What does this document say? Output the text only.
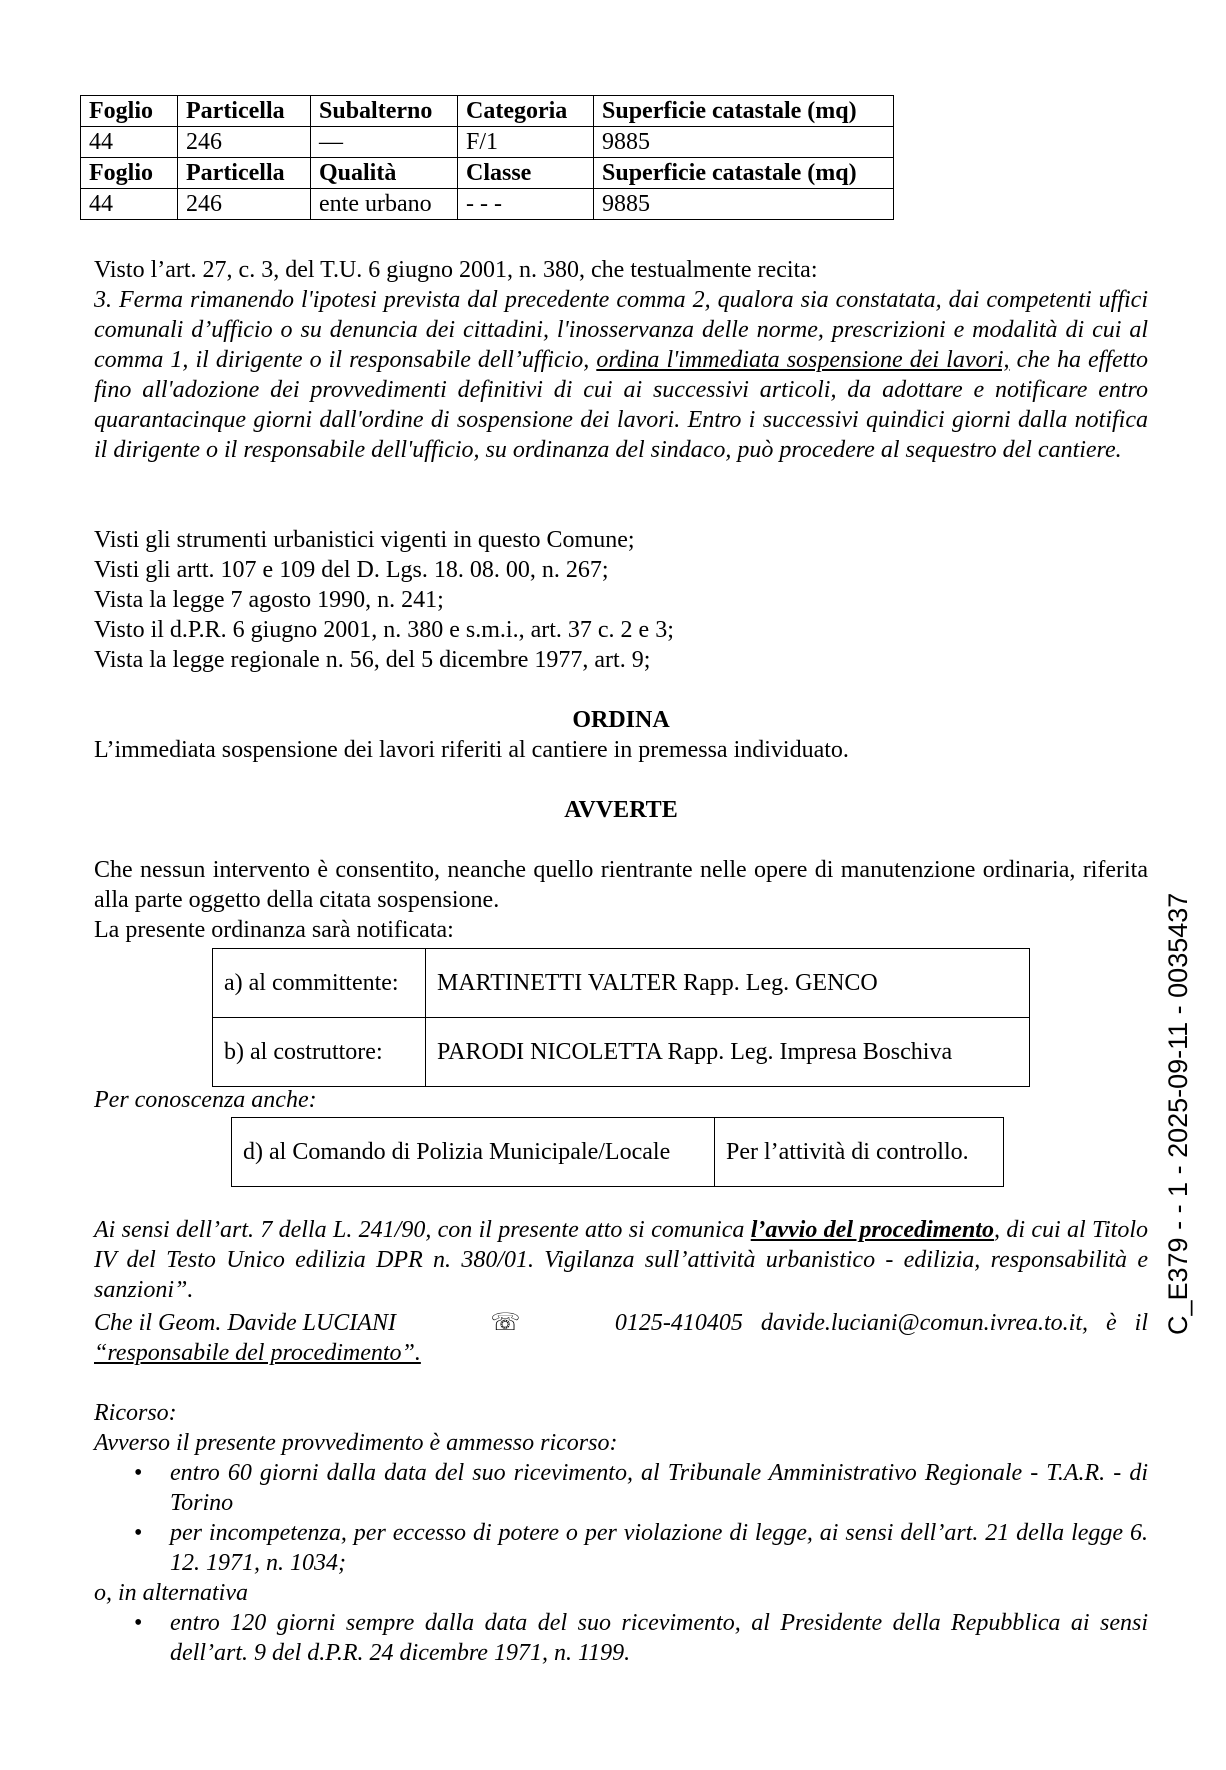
Foglio	Particella	Subalterno	Categoria	Superficie catastale (mq)
44	246	—	F/1	9885
Foglio	Particella	Qualità	Classe	Superficie catastale (mq)
44	246	ente urbano	- - -	9885
Visto l’art. 27, c. 3, del T.U. 6 giugno 2001, n. 380, che testualmente recita:
3. Ferma rimanendo l'ipotesi prevista dal precedente comma 2, qualora sia constatata, dai competenti uffici comunali d’ufficio o su denuncia dei cittadini, l'inosservanza delle norme, prescrizioni e modalità di cui al comma 1, il dirigente o il responsabile dell’ufficio, ordina l'immediata sospensione dei lavori, che ha effetto fino all'adozione dei provvedimenti definitivi di cui ai successivi articoli, da adottare e notificare entro quarantacinque giorni dall'ordine di sospensione dei lavori. Entro i successivi quindici giorni dalla notifica il dirigente o il responsabile dell'ufficio, su ordinanza del sindaco, può procedere al sequestro del cantiere.
Visti gli strumenti urbanistici vigenti in questo Comune;
Visti gli artt. 107 e 109 del D. Lgs. 18. 08. 00, n. 267;
Vista la legge 7 agosto 1990, n. 241;
Visto il d.P.R. 6 giugno 2001, n. 380 e s.m.i., art. 37 c. 2 e 3;
Vista la legge regionale n. 56, del 5 dicembre 1977, art. 9;
ORDINA
L’immediata sospensione dei lavori riferiti al cantiere in premessa individuato.
AVVERTE
Che nessun intervento è consentito, neanche quello rientrante nelle opere di manutenzione ordinaria, riferita alla parte oggetto della citata sospensione.
La presente ordinanza sarà notificata:
a) al committente:	MARTINETTI VALTER Rapp. Leg. GENCO
b) al costruttore:	PARODI NICOLETTA Rapp. Leg. Impresa Boschiva
Per conoscenza anche:
d) al Comando di Polizia Municipale/Locale	Per l’attività di controllo.
Ai sensi dell’art. 7 della L. 241/90, con il presente atto si comunica l’avvio del procedimento, di cui al Titolo IV del Testo Unico edilizia DPR n. 380/01. Vigilanza sull’attività urbanistico - edilizia, responsabilità e sanzioni”.
Che il Geom. Davide LUCIANI	☏	0125-410405 davide.luciani@comun.ivrea.to.it, è il
“responsabile del procedimento”.
Ricorso:
Avverso il presente provvedimento è ammesso ricorso:
• entro 60 giorni dalla data del suo ricevimento, al Tribunale Amministrativo Regionale - T.A.R. - di Torino
• per incompetenza, per eccesso di potere o per violazione di legge, ai sensi dell’art. 21 della legge 6. 12. 1971, n. 1034;
o, in alternativa
• entro 120 giorni sempre dalla data del suo ricevimento, al Presidente della Repubblica ai sensi dell’art. 9 del d.P.R. 24 dicembre 1971, n. 1199.
C_E379 - - 1 - 2025-09-11 - 0035437
